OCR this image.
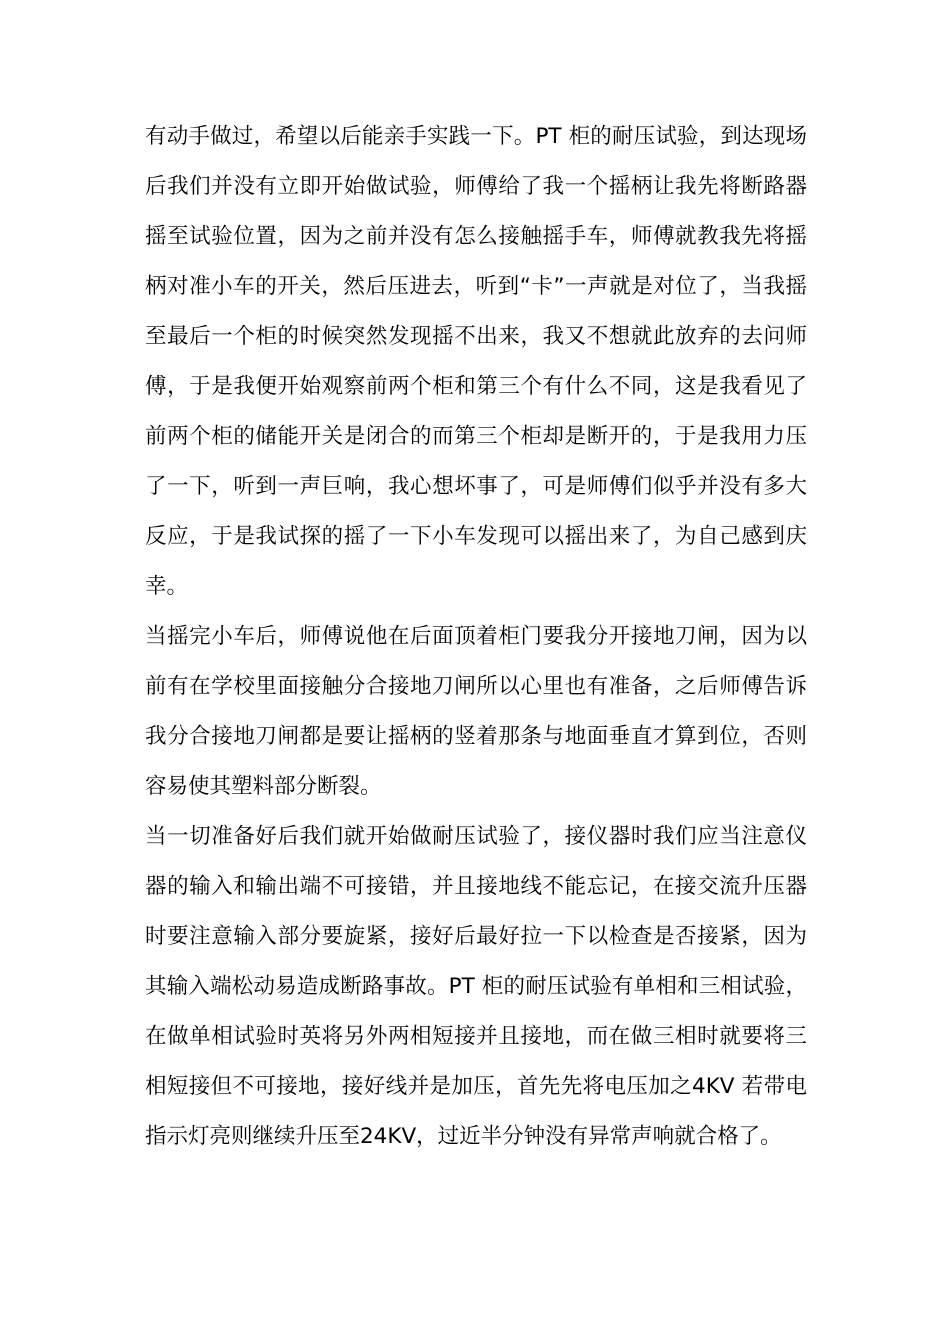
有动手做过，希望以后能亲手实践一下。PT 柜的耐压试验，到达现场后我们并没有立即开始做试验，师傅给了我一个摇柄让我先将断路器摇至试验位置，因为之前并没有怎么接触摇手车，师傅就教我先将摇柄对准小车的开关，然后压进去，听到“卡”一声就是对位了，当我摇至最后一个柜的时候突然发现摇不出来，我又不想就此放弃的去问师傅，于是我便开始观察前两个柜和第三个有什么不同，这是我看见了前两个柜的储能开关是闭合的而第三个柜却是断开的，于是我用力压了一下，听到一声巨响，我心想坏事了，可是师傅们似乎并没有多大反应，于是我试探的摇了一下小车发现可以摇出来了，为自己感到庆幸。

当摇完小车后，师傅说他在后面顶着柜门要我分开接地刀闸，因为以前有在学校里面接触分合接地刀闸所以心里也有准备，之后师傅告诉我分合接地刀闸都是要让摇柄的竖着那条与地面垂直才算到位，否则容易使其塑料部分断裂。

当一切准备好后我们就开始做耐压试验了，接仪器时我们应当注意仪器的输入和输出端不可接错，并且接地线不能忘记，在接交流升压器时要注意输入部分要旋紧，接好后最好拉一下以检查是否接紧，因为其输入端松动易造成断路事故。PT 柜的耐压试验有单相和三相试验，在做单相试验时英将另外两相短接并且接地，而在做三相时就要将三相短接但不可接地，接好线并是加压，首先先将电压加之4KV 若带电指示灯亮则继续升压至24KV，过近半分钟没有异常声响就合格了。
